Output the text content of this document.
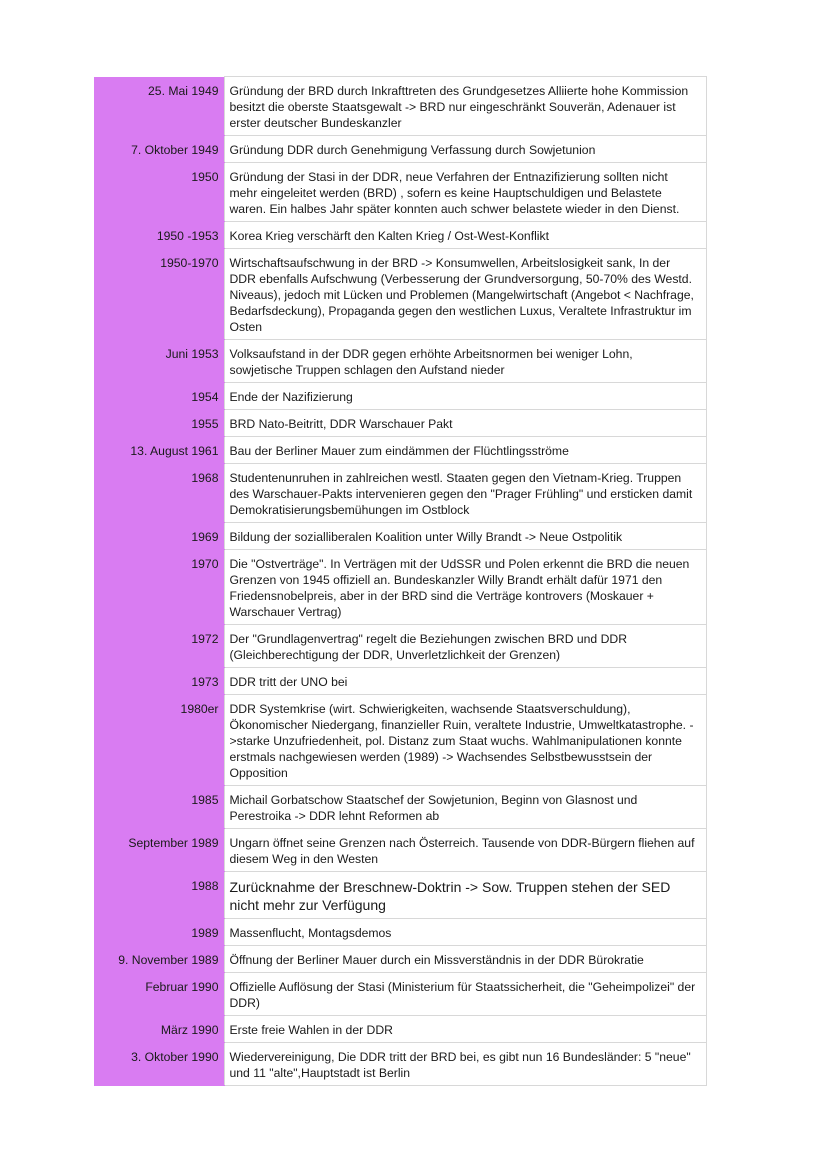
25. Mai 1949	Gründung der BRD durch Inkrafttreten des Grundgesetzes Alliierte hohe Kommission besitzt die oberste Staatsgewalt -> BRD nur eingeschränkt Souverän, Adenauer ist erster deutscher Bundeskanzler
7. Oktober 1949	Gründung DDR durch Genehmigung Verfassung durch Sowjetunion
1950	Gründung der Stasi in der DDR, neue Verfahren der Entnazifizierung sollten nicht mehr eingeleitet werden (BRD) , sofern es keine Hauptschuldigen und Belastete waren. Ein halbes Jahr später konnten auch schwer belastete wieder in den Dienst.
1950 -1953	Korea Krieg verschärft den Kalten Krieg / Ost-West-Konflikt
1950-1970	Wirtschaftsaufschwung in der BRD -> Konsumwellen, Arbeitslosigkeit sank, In der DDR ebenfalls Aufschwung (Verbesserung der Grundversorgung, 50-70% des Westd. Niveaus), jedoch mit Lücken und Problemen (Mangelwirtschaft (Angebot < Nachfrage, Bedarfsdeckung), Propaganda gegen den westlichen Luxus, Veraltete Infrastruktur im Osten
Juni 1953	Volksaufstand in der DDR gegen erhöhte Arbeitsnormen bei weniger Lohn, sowjetische Truppen schlagen den Aufstand nieder
1954	Ende der Nazifizierung
1955	BRD Nato-Beitritt, DDR Warschauer Pakt
13. August 1961	Bau der Berliner Mauer zum eindämmen der Flüchtlingsströme
1968	Studentenunruhen in zahlreichen westl. Staaten gegen den Vietnam-Krieg. Truppen des Warschauer-Pakts intervenieren gegen den "Prager Frühling" und ersticken damit Demokratisierungsbemühungen im Ostblock
1969	Bildung der sozialliberalen Koalition unter Willy Brandt -> Neue Ostpolitik
1970	Die "Ostverträge". In Verträgen mit der UdSSR und Polen erkennt die BRD die neuen Grenzen von 1945 offiziell an. Bundeskanzler Willy Brandt erhält dafür 1971 den Friedensnobelpreis, aber in der BRD sind die Verträge kontrovers (Moskauer + Warschauer Vertrag)
1972	Der "Grundlagenvertrag" regelt die Beziehungen zwischen BRD und DDR (Gleichberechtigung der DDR, Unverletzlichkeit der Grenzen)
1973	DDR tritt der UNO bei
1980er	DDR Systemkrise (wirt. Schwierigkeiten, wachsende Staatsverschuldung), Ökonomischer Niedergang, finanzieller Ruin, veraltete Industrie, Umweltkatastrophe. ->starke Unzufriedenheit, pol. Distanz zum Staat wuchs. Wahlmanipulationen konnte erstmals nachgewiesen werden (1989) -> Wachsendes Selbstbewusstsein der Opposition
1985	Michail Gorbatschow Staatschef der Sowjetunion, Beginn von Glasnost und Perestroika -> DDR lehnt Reformen ab
September 1989	Ungarn öffnet seine Grenzen nach Österreich. Tausende von DDR-Bürgern fliehen auf diesem Weg in den Westen
1988	Zurücknahme der Breschnew-Doktrin -> Sow. Truppen stehen der SED nicht mehr zur Verfügung
1989	Massenflucht, Montagsdemos
9. November 1989	Öffnung der Berliner Mauer durch ein Missverständnis in der DDR Bürokratie
Februar 1990	Offizielle Auflösung der Stasi (Ministerium für Staatssicherheit, die "Geheimpolizei" der DDR)
März 1990	Erste freie Wahlen in der DDR
3. Oktober 1990	Wiedervereinigung, Die DDR tritt der BRD bei, es gibt nun 16 Bundesländer: 5 "neue" und 11 "alte",Hauptstadt ist Berlin
